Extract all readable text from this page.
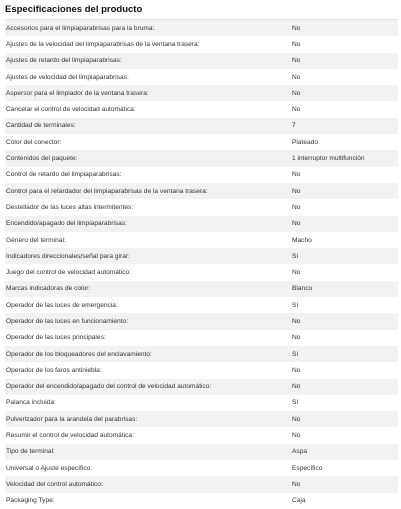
Especificaciones del producto
Accesorios para el limpiaparabrisas para la bruma:	No
Ajustes de la velocidad del limpiaparabrisas de la ventana trasera:	No
Ajustes de retardo del limpiaparabrisas:	No
Ajustes de velocidad del limpiaparabrisas:	No
Aspersor para el limpiador de la ventana trasera:	No
Cancelar el control de velocidad automática:	No
Cantidad de terminales:	7
Color del conector:	Plateado
Contenidos del paquete:	1 interruptor multifunción
Control de retardo del limpiaparabrisas:	No
Control para el retardador del limpiaparabrisas de la ventana trasera:	No
Destellador de las luces altas intermitentes:	No
Encendido/apagado del limpiaparabrisas:	No
Género del terminal:	Macho
Indicadores direccionales/señal para girar:	Sí
Juego del control de velocidad automático:	No
Marcas indicadoras de color:	Blanco
Operador de las luces de emergencia:	Sí
Operador de las luces en funcionamiento:	No
Operador de las luces principales:	No
Operador de los bloqueadores del enclavamiento:	Sí
Operador de los faros antiniebla:	No
Operador del encendido/apagado del control de velocidad automático:	No
Palanca incluida:	Sí
Pulverizador para la arandela del parabrisas:	No
Resumir el control de velocidad automática:	No
Tipo de terminal:	Aspa
Universal o Ajuste específico:	Específico
Velocidad del control automático:	No
Packaging Type:	Caja
